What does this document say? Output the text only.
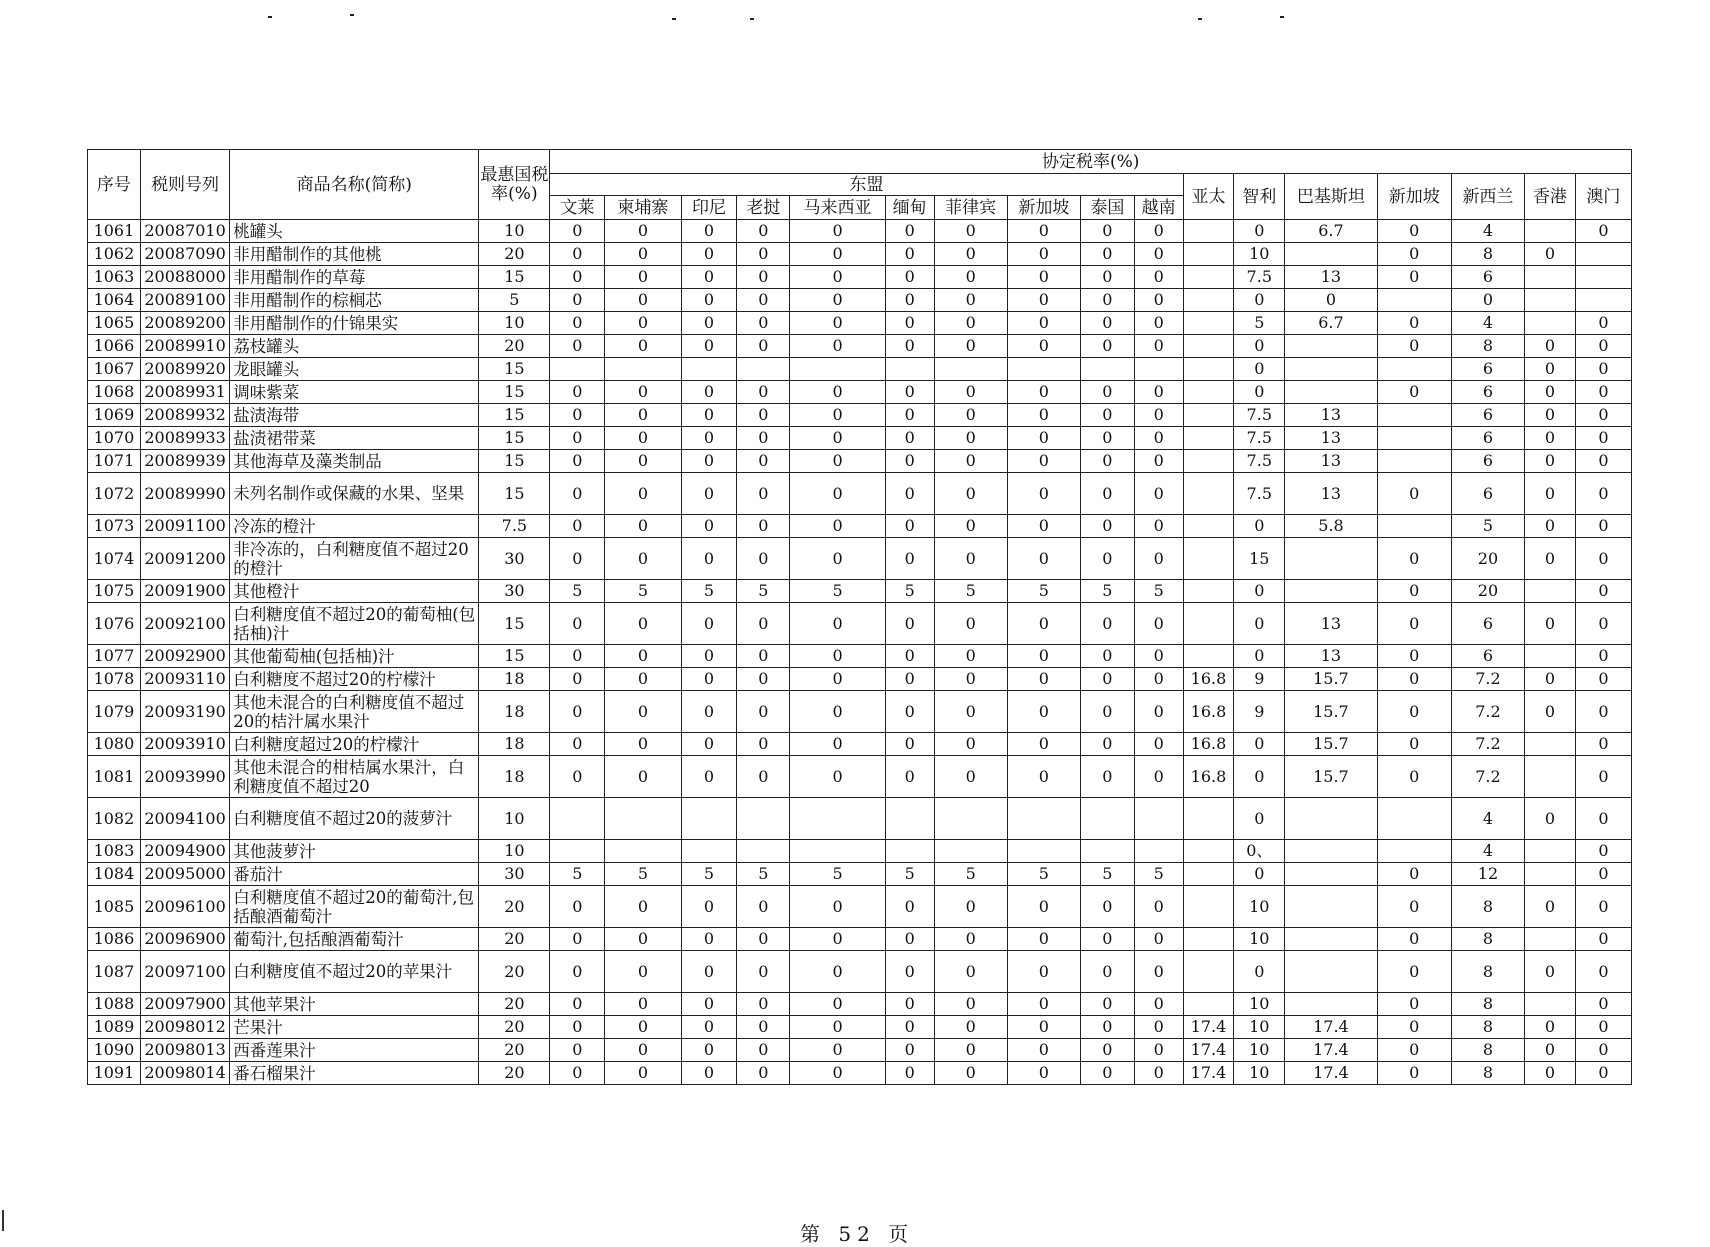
序号	税则号列	商品名称(简称)	最惠国税率(%)	协定税率(%)																
				东盟										亚太	智利	巴基斯坦	新加坡	新西兰	香港	澳门
				文莱	柬埔寨	印尼	老挝	马来西亚	缅甸	菲律宾	新加坡	泰国	越南							
1061	20087010	桃罐头	10	0	0	0	0	0	0	0	0	0	0		0	6.7	0	4		0
1062	20087090	非用醋制作的其他桃	20	0	0	0	0	0	0	0	0	0	0		10		0	8	0	
1063	20088000	非用醋制作的草莓	15	0	0	0	0	0	0	0	0	0	0		7.5	13	0	6		
1064	20089100	非用醋制作的棕榈芯	5	0	0	0	0	0	0	0	0	0	0		0	0		0		
1065	20089200	非用醋制作的什锦果实	10	0	0	0	0	0	0	0	0	0	0		5	6.7	0	4		0
1066	20089910	荔枝罐头	20	0	0	0	0	0	0	0	0	0	0		0		0	8	0	0
1067	20089920	龙眼罐头	15												0			6	0	0
1068	20089931	调味紫菜	15	0	0	0	0	0	0	0	0	0	0		0		0	6	0	0
1069	20089932	盐渍海带	15	0	0	0	0	0	0	0	0	0	0		7.5	13		6	0	0
1070	20089933	盐渍裙带菜	15	0	0	0	0	0	0	0	0	0	0		7.5	13		6	0	0
1071	20089939	其他海草及藻类制品	15	0	0	0	0	0	0	0	0	0	0		7.5	13		6	0	0
1072	20089990	未列名制作或保藏的水果、坚果	15	0	0	0	0	0	0	0	0	0	0		7.5	13	0	6	0	0
1073	20091100	冷冻的橙汁	7.5	0	0	0	0	0	0	0	0	0	0		0	5.8		5	0	0
1074	20091200	非冷冻的，白利糖度值不超过20的橙汁	30	0	0	0	0	0	0	0	0	0	0		15		0	20	0	0
1075	20091900	其他橙汁	30	5	5	5	5	5	5	5	5	5	5		0		0	20		0
1076	20092100	白利糖度值不超过20的葡萄柚(包括柚)汁	15	0	0	0	0	0	0	0	0	0	0		0	13	0	6	0	0
1077	20092900	其他葡萄柚(包括柚)汁	15	0	0	0	0	0	0	0	0	0	0		0	13	0	6		0
1078	20093110	白利糖度不超过20的柠檬汁	18	0	0	0	0	0	0	0	0	0	0	16.8	9	15.7	0	7.2	0	0
1079	20093190	其他未混合的白利糖度值不超过20的桔汁属水果汁	18	0	0	0	0	0	0	0	0	0	0	16.8	9	15.7	0	7.2	0	0
1080	20093910	白利糖度超过20的柠檬汁	18	0	0	0	0	0	0	0	0	0	0	16.8	0	15.7	0	7.2		0
1081	20093990	其他未混合的柑桔属水果汁，白利糖度值不超过20	18	0	0	0	0	0	0	0	0	0	0	16.8	0	15.7	0	7.2		0
1082	20094100	白利糖度值不超过20的菠萝汁	10												0			4	0	0
1083	20094900	其他菠萝汁	10												0、			4		0
1084	20095000	番茄汁	30	5	5	5	5	5	5	5	5	5	5		0		0	12		0
1085	20096100	白利糖度值不超过20的葡萄汁,包括酿酒葡萄汁	20	0	0	0	0	0	0	0	0	0	0		10		0	8	0	0
1086	20096900	葡萄汁,包括酿酒葡萄汁	20	0	0	0	0	0	0	0	0	0	0		10		0	8		0
1087	20097100	白利糖度值不超过20的苹果汁	20	0	0	0	0	0	0	0	0	0	0		0		0	8	0	0
1088	20097900	其他苹果汁	20	0	0	0	0	0	0	0	0	0	0		10		0	8		0
1089	20098012	芒果汁	20	0	0	0	0	0	0	0	0	0	0	17.4	10	17.4	0	8	0	0
1090	20098013	西番莲果汁	20	0	0	0	0	0	0	0	0	0	0	17.4	10	17.4	0	8	0	0
1091	20098014	番石榴果汁	20	0	0	0	0	0	0	0	0	0	0	17.4	10	17.4	0	8	0	0
第 52 页
